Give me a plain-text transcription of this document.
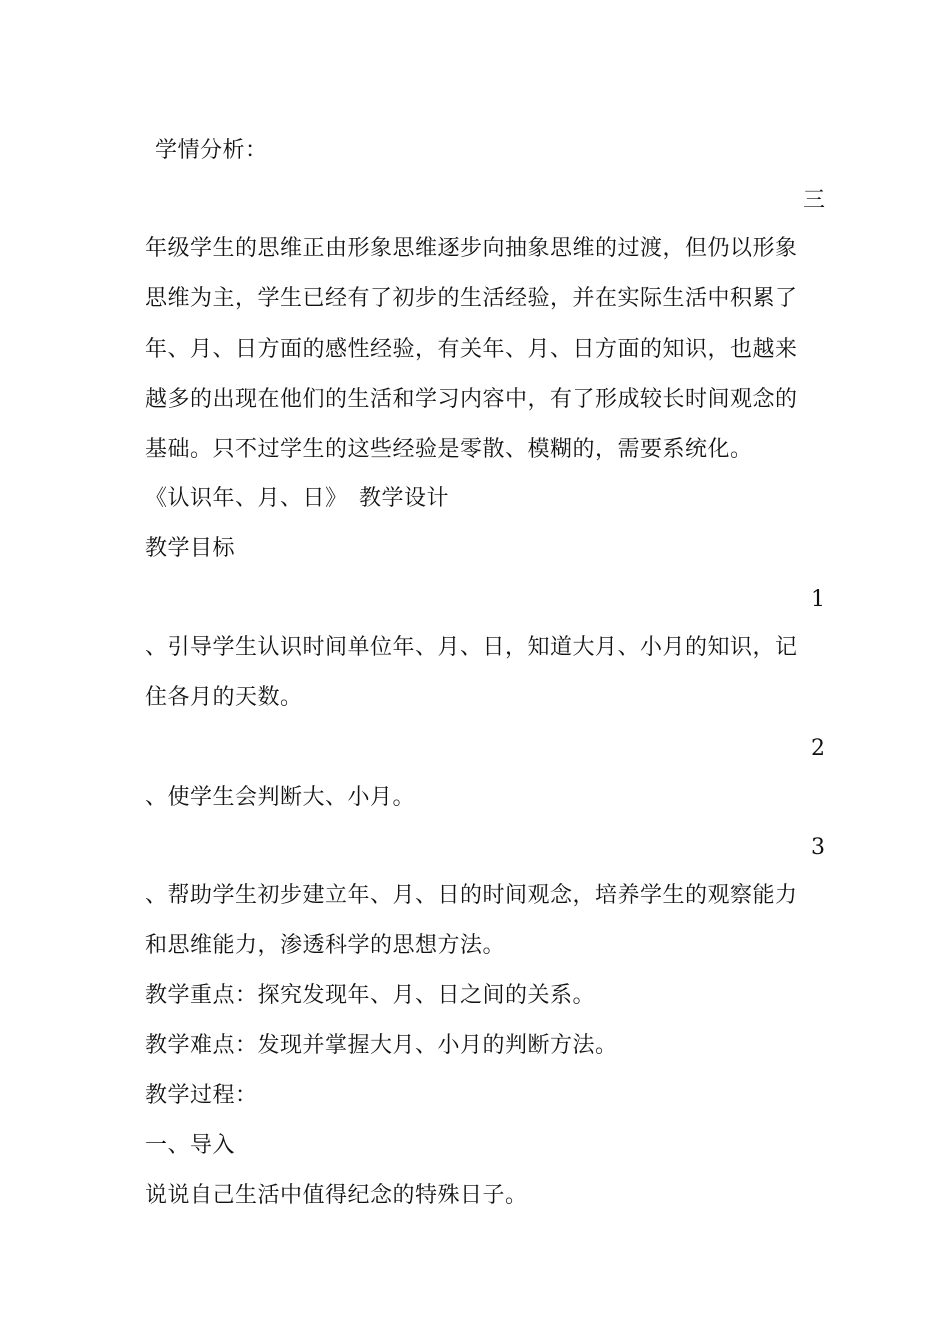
学情分析：
三
年级学生的思维正由形象思维逐步向抽象思维的过渡，但仍以形象
思维为主，学生已经有了初步的生活经验，并在实际生活中积累了
年、月、日方面的感性经验，有关年、月、日方面的知识，也越来
越多的出现在他们的生活和学习内容中，有了形成较长时间观念的
基础。只不过学生的这些经验是零散、模糊的，需要系统化。
《认识年、月、日》　教学设计
教学目标
1
、引导学生认识时间单位年、月、日，知道大月、小月的知识，记
住各月的天数。
2
、使学生会判断大、小月。
3
、帮助学生初步建立年、月、日的时间观念，培养学生的观察能力
和思维能力，渗透科学的思想方法。
教学重点：探究发现年、月、日之间的关系。
教学难点：发现并掌握大月、小月的判断方法。
教学过程：
一、导入
说说自己生活中值得纪念的特殊日子。
